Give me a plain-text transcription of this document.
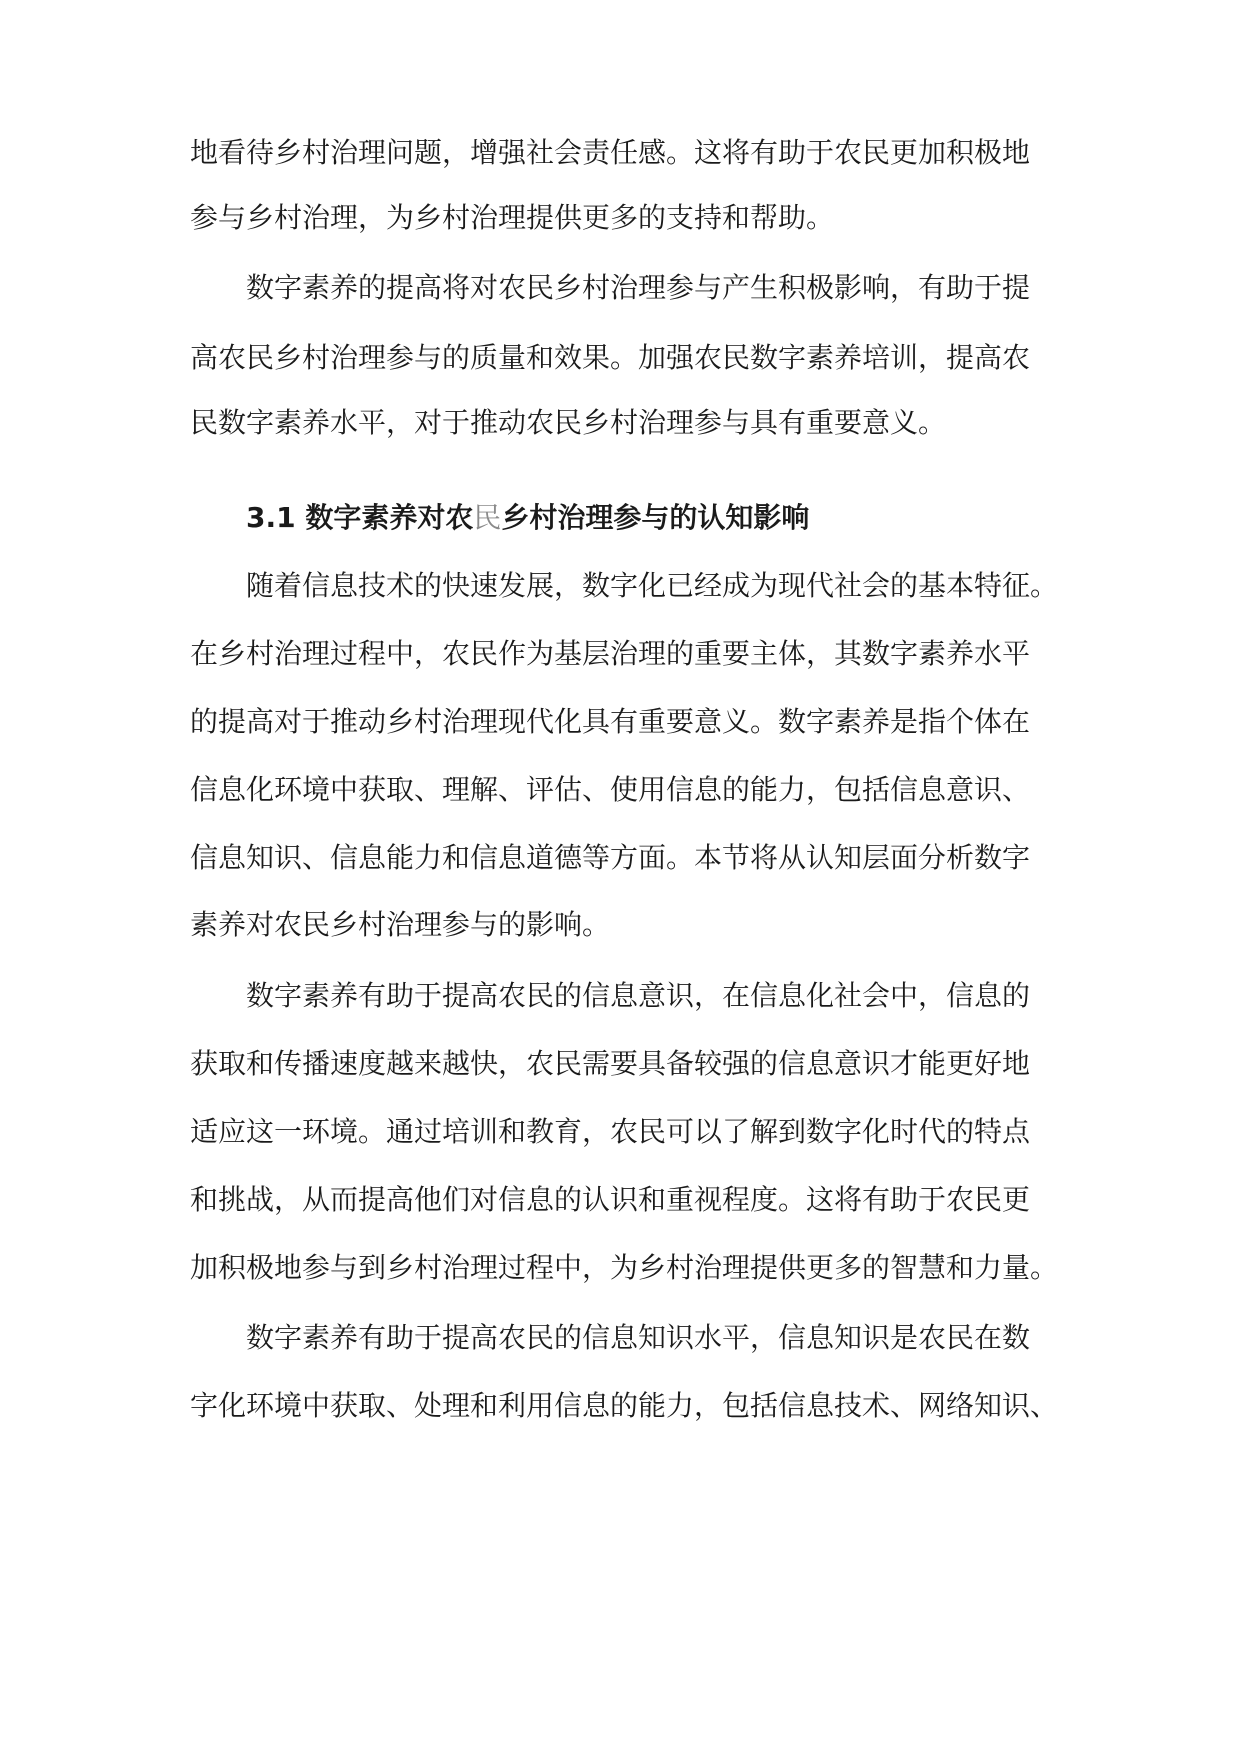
地看待乡村治理问题，增强社会责任感。这将有助于农民更加积极地
参与乡村治理，为乡村治理提供更多的支持和帮助。
数字素养的提高将对农民乡村治理参与产生积极影响，有助于提
高农民乡村治理参与的质量和效果。加强农民数字素养培训，提高农
民数字素养水平，对于推动农民乡村治理参与具有重要意义。
3.1 数字素养对农民乡村治理参与的认知影响
随着信息技术的快速发展，数字化已经成为现代社会的基本特征。
在乡村治理过程中，农民作为基层治理的重要主体，其数字素养水平
的提高对于推动乡村治理现代化具有重要意义。数字素养是指个体在
信息化环境中获取、理解、评估、使用信息的能力，包括信息意识、
信息知识、信息能力和信息道德等方面。本节将从认知层面分析数字
素养对农民乡村治理参与的影响。
数字素养有助于提高农民的信息意识，在信息化社会中，信息的
获取和传播速度越来越快，农民需要具备较强的信息意识才能更好地
适应这一环境。通过培训和教育，农民可以了解到数字化时代的特点
和挑战，从而提高他们对信息的认识和重视程度。这将有助于农民更
加积极地参与到乡村治理过程中，为乡村治理提供更多的智慧和力量。
数字素养有助于提高农民的信息知识水平，信息知识是农民在数
字化环境中获取、处理和利用信息的能力，包括信息技术、网络知识、
